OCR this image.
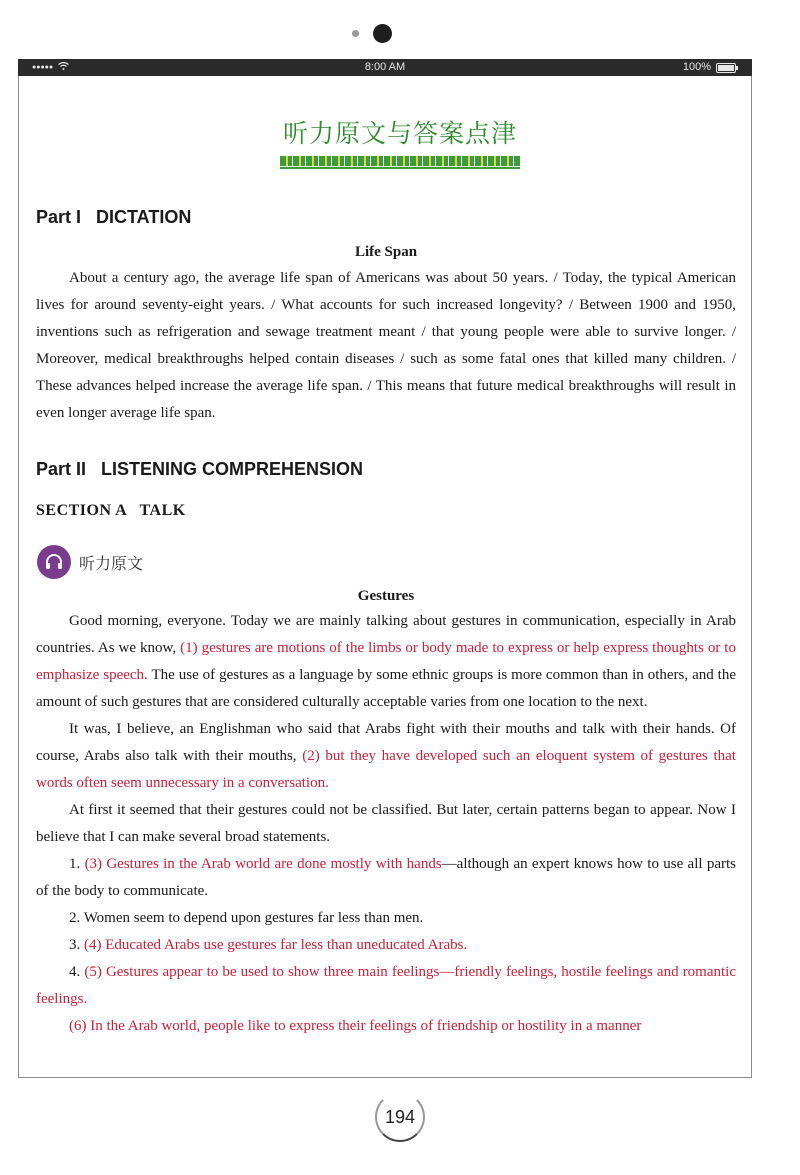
●●●●●	8:00 AM	100%
听力原文与答案点津
Part I   DICTATION

Life Span

About a century ago, the average life span of Americans was about 50 years. / Today, the typical American lives for around seventy-eight years. / What accounts for such increased longevity? / Between 1900 and 1950, inventions such as refrigeration and sewage treatment meant / that young people were able to survive longer. / Moreover, medical breakthroughs helped contain diseases / such as some fatal ones that killed many children. / These advances helped increase the average life span. / This means that future medical breakthroughs will result in even longer average life span.

Part II   LISTENING COMPREHENSION
SECTION A   TALK
听力原文

Gestures

Good morning, everyone. Today we are mainly talking about gestures in communication, especially in Arab countries. As we know, (1) gestures are motions of the limbs or body made to express or help express thoughts or to emphasize speech. The use of gestures as a language by some ethnic groups is more common than in others, and the amount of such gestures that are considered culturally acceptable varies from one location to the next.

It was, I believe, an Englishman who said that Arabs fight with their mouths and talk with their hands. Of course, Arabs also talk with their mouths, (2) but they have developed such an eloquent system of gestures that words often seem unnecessary in a conversation.

At first it seemed that their gestures could not be classified. But later, certain patterns began to appear. Now I believe that I can make several broad statements.

1. (3) Gestures in the Arab world are done mostly with hands—although an expert knows how to use all parts of the body to communicate.

2. Women seem to depend upon gestures far less than men.

3. (4) Educated Arabs use gestures far less than uneducated Arabs.

4. (5) Gestures appear to be used to show three main feelings—friendly feelings, hostile feelings and romantic feelings.

(6) In the Arab world, people like to express their feelings of friendship or hostility in a manner

194
